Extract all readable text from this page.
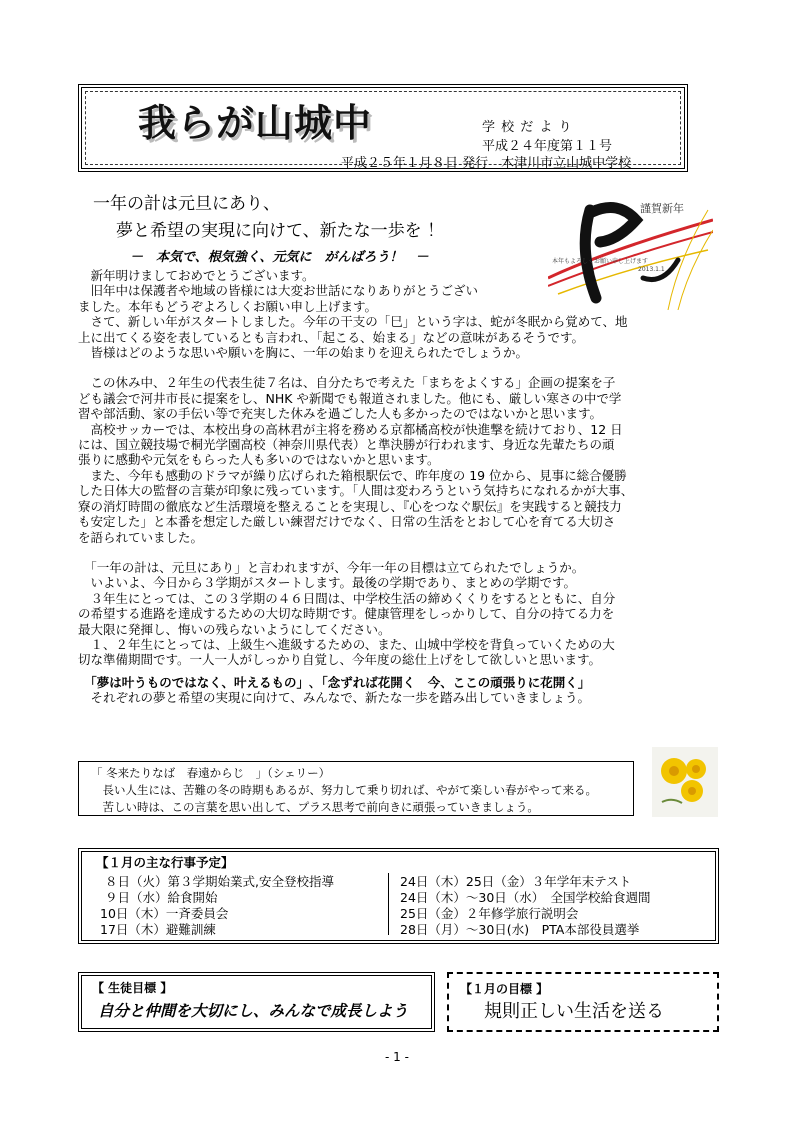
我らが山城中	学 校 だ よ り
平成２４年度第１１号
平成２５年１月８日 発行　木津川市立山城中学校
一年の計は元旦にあり、
夢と希望の実現に向けて、新たな一歩を ！
－　本気で、根気強く、元気に　がんばろう！　－
謹賀新年
本年もよろしくお願い申し上げます
2013.1.1

　新年明けましておめでとうございます。

　旧年中は保護者や地域の皆様には大変お世話になりありがとうござい

ました。本年もどうぞよろしくお願い申し上げます。

　さて、新しい年がスタートしました。今年の干支の「巳」という字は、蛇が冬眠から覚めて、地

上に出てくる姿を表しているとも言われ、「起こる、始まる」などの意味があるそうです。

　皆様はどのような思いや願いを胸に、一年の始まりを迎えられたでしょうか。

　この休み中、２年生の代表生徒７名は、自分たちで考えた「まちをよくする」企画の提案を子

ども議会で河井市長に提案をし、NHK や新聞でも報道されました。他にも、厳しい寒さの中で学

習や部活動、家の手伝い等で充実した休みを過ごした人も多かったのではないかと思います。

　高校サッカーでは、本校出身の高林君が主将を務める京都橘高校が快進撃を続けており、12 日

には、国立競技場で桐光学園高校（神奈川県代表）と準決勝が行われます、身近な先輩たちの頑

張りに感動や元気をもらった人も多いのではないかと思います。

　また、今年も感動のドラマが繰り広げられた箱根駅伝で、昨年度の 19 位から、見事に総合優勝

した日体大の監督の言葉が印象に残っています。｢人間は変わろうという気持ちになれるかが大事、

寮の消灯時間の徹底など生活環境を整えることを実現し、『心をつなぐ駅伝』を実践すると競技力

も安定した」と本番を想定した厳しい練習だけでなく、日常の生活をとおして心を育てる大切さ

を語られていました。

　「一年の計は、元旦にあり」と言われますが、今年一年の目標は立てられたでしょうか。

　いよいよ、今日から３学期がスタートします。最後の学期であり、まとめの学期です。

　３年生にとっては、この３学期の４６日間は、中学校生活の締めくくりをするとともに、自分

の希望する進路を達成するための大切な時期です。健康管理をしっかりして、自分の持てる力を

最大限に発揮し、悔いの残らないようにしてください。

　１、２年生にとっては、上級生へ進級するための、また、山城中学校を背負っていくための大

切な準備期間です。一人一人がしっかり自覚し、今年度の総仕上げをして欲しいと思います。

　「夢は叶うものではなく、叶えるもの」､「念ずれば花開く　今、ここの頑張りに花開く」

　それぞれの夢と希望の実現に向けて、みんなで、新たな一歩を踏み出していきましょう。

「 冬来たりなば　春遠からじ　」（シェリー）
　長い人生には、苦難の冬の時期もあるが、努力して乗り切れば、やがて楽しい春がやって来る。
　苦しい時は、この言葉を思い出して、プラス思考で前向きに頑張っていきましょう。
【１月の主な行事予定】
８日（火）第３学期始業式,安全登校指導
９日（水）給食開始
10日（木）一斉委員会
17日（木）避難訓練
24日（木）25日（金）３年学年末テスト
24日（木）～30日（水）　全国学校給食週間
25日（金）２年修学旅行説明会
28日（月）～30日(水)　PTA本部役員選挙
【 生徒目標 】
自分と仲間を大切にし、みんなで成長しよう
【１月の目標 】
規則正しい生活を送る
- 1 -
